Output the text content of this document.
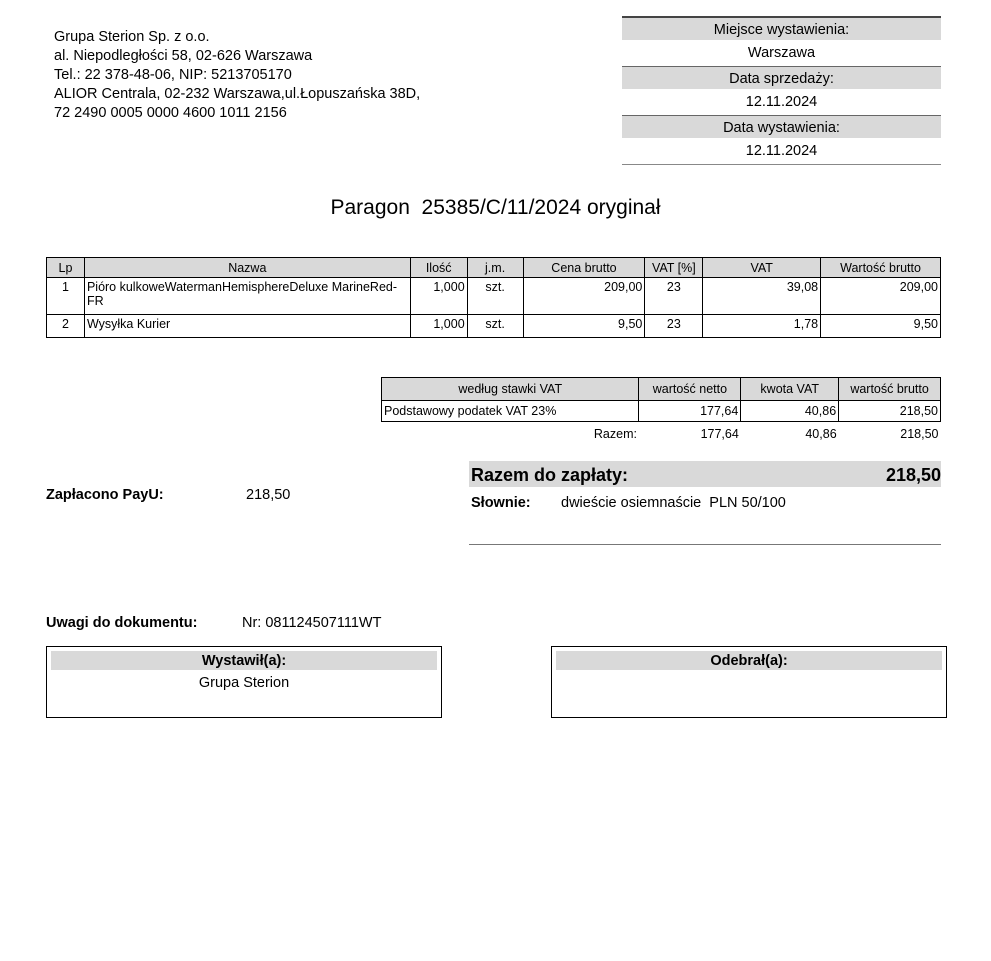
Grupa Sterion Sp. z o.o.
al. Niepodległości 58, 02-626 Warszawa
Tel.: 22 378-48-06, NIP: 5213705170
ALIOR Centrala, 02-232 Warszawa,ul.Łopuszańska 38D,
72 2490 0005 0000 4600 1011 2156
Miejsce wystawienia:
Warszawa
Data sprzedaży:
12.11.2024
Data wystawienia:
12.11.2024
Paragon  25385/C/11/2024 oryginał
Lp	Nazwa	Ilość	j.m.	Cena brutto	VAT [%]	VAT	Wartość brutto
1	Pióro kulkoweWatermanHemisphereDeluxe MarineRed-FR	1,000	szt.	209,00	23	39,08	209,00
2	Wysyłka Kurier	1,000	szt.	9,50	23	1,78	9,50
według stawki VAT	wartość netto	kwota VAT	wartość brutto
Podstawowy podatek VAT 23%	177,64	40,86	218,50
Razem:	177,64	40,86	218,50
Zapłacono PayU:	218,50
Razem do zapłaty:	218,50
Słownie: dwieście osiemnaście  PLN 50/100
Uwagi do dokumentu:	Nr: 081124507111WT
Wystawił(a):
Grupa Sterion
Odebrał(a):
